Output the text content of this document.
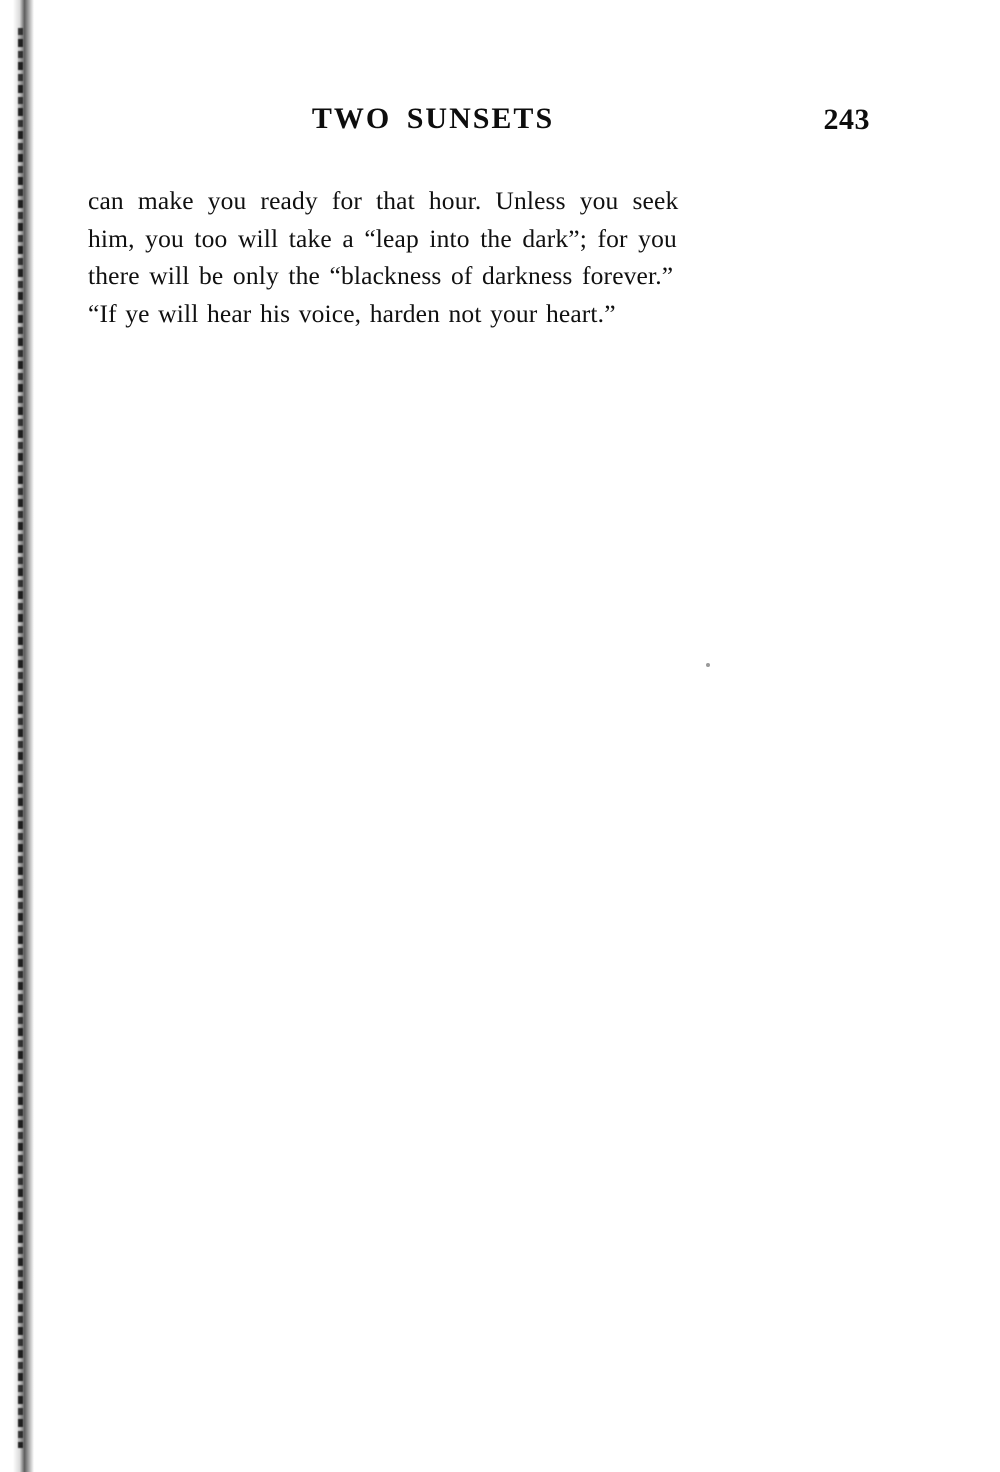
TWO SUNSETS	243
can make you ready for that hour. Unless you seek
him, you too will take a “leap into the dark”; for you
there will be only the “blackness of darkness forever.”
“If ye will hear his voice, harden not your heart.”
